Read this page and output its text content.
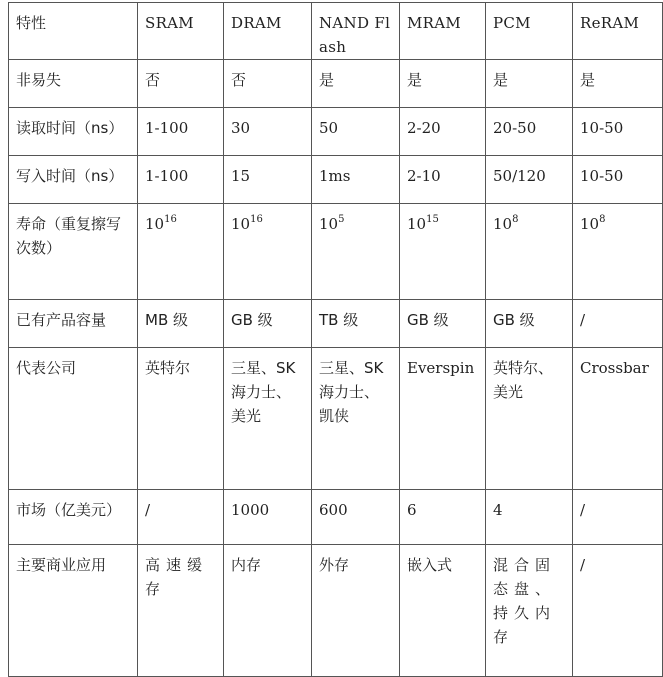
特性	SRAM	DRAM	NAND Flash	MRAM	PCM	ReRAM
非易失	否	否	是	是	是	是
读取时间（ns）	1-100	30	50	2-20	20-50	10-50
写入时间（ns）	1-100	15	1ms	2-10	50/120	10-50
寿命（重复擦写次数）	$10^{16}$	$10^{16}$	$10^5$	$10^{15}$	$10^8$	$10^8$
已有产品容量	MB 级	GB 级	TB 级	GB 级	GB 级	/
代表公司	英特尔	三星、SK 海力士、美光	三星、SK 海力士、凯侠	Everspin	英特尔、美光	Crossbar
市场（亿美元）	/	1000	600	6	4	/
主要商业应用	高速缓存	内存	外存	嵌入式	混合固态盘、持久内存	/
